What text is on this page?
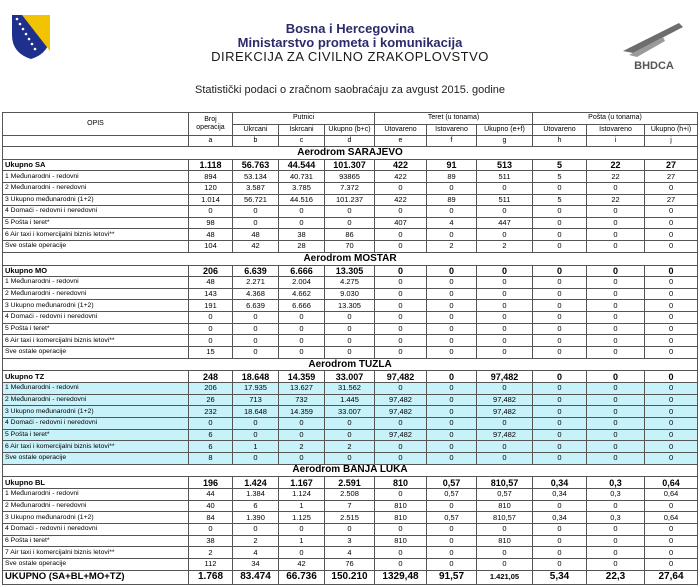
Bosna i Hercegovina
Ministarstvo prometa i komunikacija
DIREKCIJA ZA CIVILNO ZRAKOPLOVSTVO
BHDCA
Statistički podaci o zračnom saobraćaju za avgust 2015. godine
OPIS	Broj operacija	Putnici			Teret (u tonama)			Pošta (u tonama)		
		Ukrcani	Iskrcani	Ukupno (b+c)	Utovareno	Istovareno	Ukupno (e+f)	Utovareno	Istovareno	Ukupno (h+i)
	a	b	c	d	e	f	g	h	i	j
Aerodrom SARAJEVO										
Ukupno SA	1.118	56.763	44.544	101.307	422	91	513	5	22	27
1 Međunarodni - redovni	894	53.134	40.731	93865	422	89	511	5	22	27
2 Međunarodni - neredovni	120	3.587	3.785	7.372	0	0	0	0	0	0
3 Ukupno međunarodni (1+2)	1.014	56.721	44.516	101.237	422	89	511	5	22	27
4 Domaći - redovni i neredovni	0	0	0	0	0	0	0	0	0	0
5 Pošta i teret*	98	0	0	0	407	4	447	0	0	0
6 Air taxi i komercijalni biznis letovi**	48	48	38	86	0	0	0	0	0	0
Sve ostale operacije	104	42	28	70	0	2	2	0	0	0
Aerodrom MOSTAR										
Ukupno MO	206	6.639	6.666	13.305	0	0	0	0	0	0
1 Međunarodni - redovni	48	2.271	2.004	4.275	0	0	0	0	0	0
2 Međunarodni - neredovni	143	4.368	4.662	9.030	0	0	0	0	0	0
3 Ukupno međunarodni (1+2)	191	6.639	6.666	13.305	0	0	0	0	0	0
4 Domaći - redovni i neredovni	0	0	0	0	0	0	0	0	0	0
5 Pošta i teret*	0	0	0	0	0	0	0	0	0	0
6 Air taxi i komercijalni biznis letovi**	0	0	0	0	0	0	0	0	0	0
Sve ostale operacije	15	0	0	0	0	0	0	0	0	0
Aerodrom TUZLA										
Ukupno TZ	248	18.648	14.359	33.007	97,482	0	97,482	0	0	0
1 Međunarodni - redovni	206	17.935	13.627	31.562	0	0	0	0	0	0
2 Međunarodni - neredovni	26	713	732	1.445	97,482	0	97,482	0	0	0
3 Ukupno međunarodni (1+2)	232	18.648	14.359	33.007	97,482	0	97,482	0	0	0
4 Domaći - redovni i neredovni	0	0	0	0	0	0	0	0	0	0
5 Pošta i teret*	6	0	0	0	97,482	0	97,482	0	0	0
6 Air taxi i komercijalni biznis letovi**	6	1	2	2	0	0	0	0	0	0
Sve ostale operacije	8	0	0	0	0	0	0	0	0	0
Aerodrom BANJA LUKA										
Ukupno BL	196	1.424	1.167	2.591	810	0,57	810,57	0,34	0,3	0,64
1 Međunarodni - redovni	44	1.384	1.124	2.508	0	0,57	0,57	0,34	0,3	0,64
2 Međunarodni - neredovni	40	6	1	7	810	0	810	0	0	0
3 Ukupno međunarodni (1+2)	84	1.390	1.125	2.515	810	0,57	810,57	0,34	0,3	0,64
4 Domaći - redovni i neredovni	0	0	0	0	0	0	0	0	0	0
6 Pošta i teret*	38	2	1	3	810	0	810	0	0	0
7 Air taxi i komercijalni biznis letovi**	2	4	0	4	0	0	0	0	0	0
Sve ostale operacije	112	34	42	76	0	0	0	0	0	0
UKUPNO (SA+BL+MO+TZ)	1.768	83.474	66.736	150.210	1329,48	91,57	1.421,05	5,34	22,3	27,64
